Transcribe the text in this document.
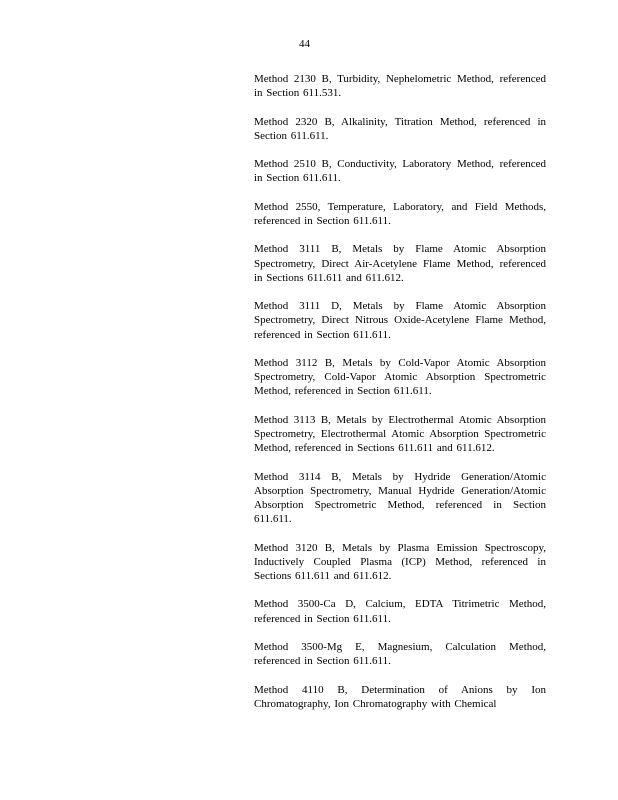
44

Method 2130 B, Turbidity, Nephelometric Method, referenced in Section 611.531.

Method 2320 B, Alkalinity, Titration Method, referenced in Section 611.611.

Method 2510 B, Conductivity, Laboratory Method, referenced in Section 611.611.

Method 2550, Temperature, Laboratory, and Field Methods, referenced in Section 611.611.

Method 3111 B, Metals by Flame Atomic Absorption Spectrometry, Direct Air-Acetylene Flame Method, referenced in Sections 611.611 and 611.612.

Method 3111 D, Metals by Flame Atomic Absorption Spectrometry, Direct Nitrous Oxide-Acetylene Flame Method, referenced in Section 611.611.

Method 3112 B, Metals by Cold-Vapor Atomic Absorption Spectrometry, Cold-Vapor Atomic Absorption Spectrometric Method, referenced in Section 611.611.

Method 3113 B, Metals by Electrothermal Atomic Absorption Spectrometry, Electrothermal Atomic Absorption Spectrometric Method, referenced in Sections 611.611 and 611.612.

Method 3114 B, Metals by Hydride Generation/Atomic Absorption Spectrometry, Manual Hydride Generation/Atomic Absorption Spectrometric Method, referenced in Section 611.611.

Method 3120 B, Metals by Plasma Emission Spectroscopy, Inductively Coupled Plasma (ICP) Method, referenced in Sections 611.611 and 611.612.

Method 3500-Ca D, Calcium, EDTA Titrimetric Method, referenced in Section 611.611.

Method 3500-Mg E, Magnesium, Calculation Method, referenced in Section 611.611.

Method 4110 B, Determination of Anions by Ion Chromatography, Ion Chromatography with Chemical
